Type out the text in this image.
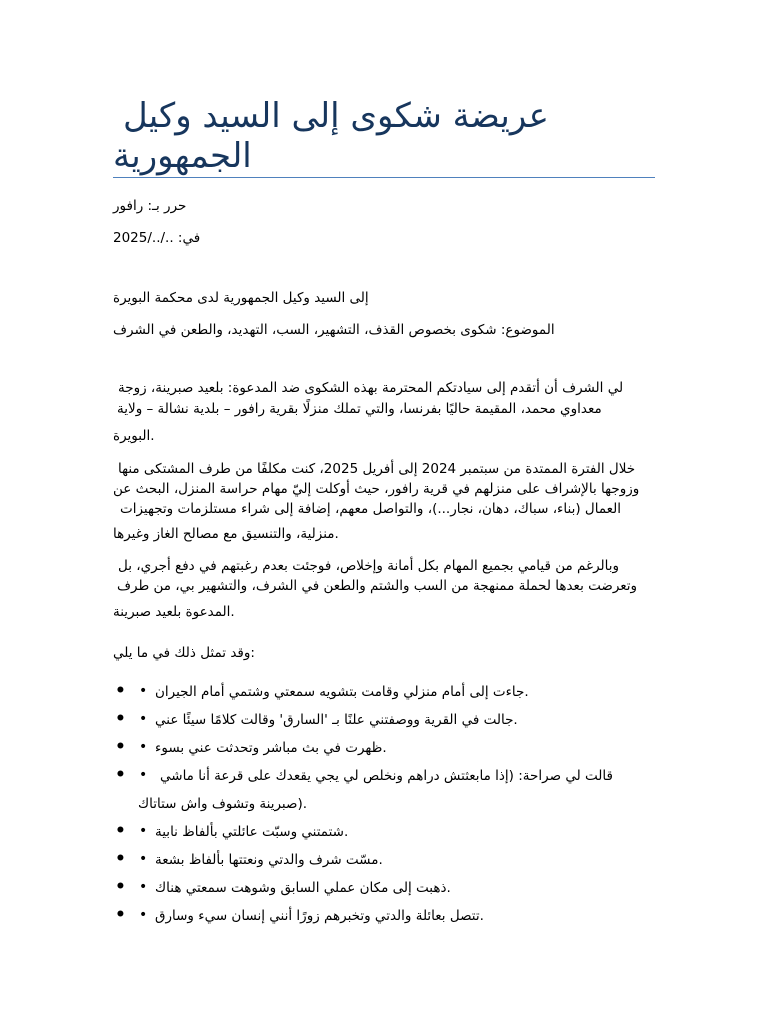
عريضة شكوى إلى السيد وكيل
الجمهورية
حرر بـ: رافور
في: ../../2025
إلى السيد وكيل الجمهورية لدى محكمة البويرة
الموضوع: شكوى بخصوص القذف، التشهير، السب، التهديد، والطعن في الشرف
لي الشرف أن أتقدم إلى سيادتكم المحترمة بهذه الشكوى ضد المدعوة: بلعيد صبرينة، زوجة
معداوي محمد، المقيمة حاليًا بفرنسا، والتي تملك منزلًا بقرية رافور – بلدية نشالة – ولاية
البويرة.
خلال الفترة الممتدة من سبتمبر 2024 إلى أفريل 2025، كنت مكلفًا من طرف المشتكى منها
وزوجها بالإشراف على منزلهم في قرية رافور، حيث أوكلت إليّ مهام حراسة المنزل، البحث عن
العمال (بناء، سباك، دهان، نجار...)، والتواصل معهم، إضافة إلى شراء مستلزمات وتجهيزات
منزلية، والتنسيق مع مصالح الغاز وغيرها.
وبالرغم من قيامي بجميع المهام بكل أمانة وإخلاص، فوجئت بعدم رغبتهم في دفع أجري، بل
وتعرضت بعدها لحملة ممنهجة من السب والشتم والطعن في الشرف، والتشهير بي، من طرف
المدعوة بلعيد صبرينة.
وقد تمثل ذلك في ما يلي:
• • جاءت إلى أمام منزلي وقامت بتشويه سمعتي وشتمي أمام الجيران.
• • جالت في القرية ووصفتني علنًا بـ 'السارق' وقالت كلامًا سيئًا عني.
• • ظهرت في بث مباشر وتحدثت عني بسوء.
• • قالت لي صراحة: (إذا مابعثتش دراهم ونخلص لي يجي يقعدك على قرعة أنا ماشي
صبرينة وتشوف واش ستاتاك).
• • شتمتني وسبّت عائلتي بألفاظ نابية.
• • مسّت شرف والدتي ونعتتها بألفاظ بشعة.
• • ذهبت إلى مكان عملي السابق وشوهت سمعتي هناك.
• • تتصل بعائلة والدتي وتخبرهم زورًا أنني إنسان سيء وسارق.
